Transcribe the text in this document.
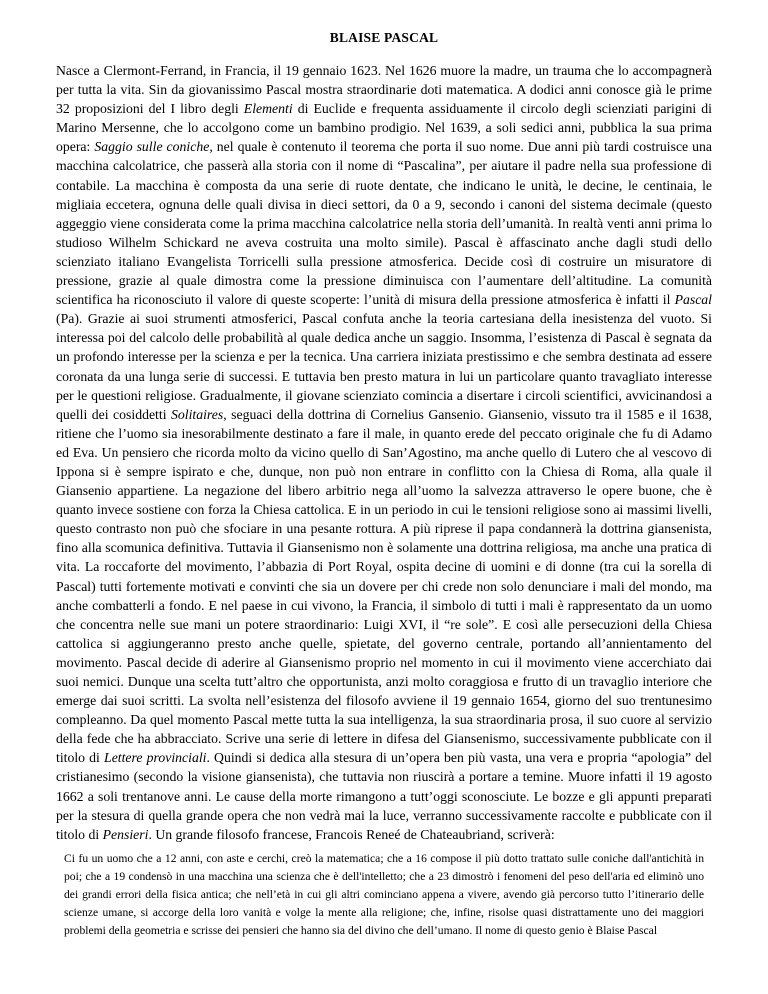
BLAISE PASCAL

Nasce a Clermont-Ferrand, in Francia, il 19 gennaio 1623. Nel 1626 muore la madre, un trauma che lo accompagnerà per tutta la vita. Sin da giovanissimo Pascal mostra straordinarie doti matematica. A dodici anni conosce già le prime 32 proposizioni del I libro degli Elementi di Euclide e frequenta assiduamente il circolo degli scienziati parigini di Marino Mersenne, che lo accolgono come un bambino prodigio. Nel 1639, a soli sedici anni, pubblica la sua prima opera: Saggio sulle coniche, nel quale è contenuto il teorema che porta il suo nome. Due anni più tardi costruisce una macchina calcolatrice, che passerà alla storia con il nome di “Pascalina”, per aiutare il padre nella sua professione di contabile. La macchina è composta da una serie di ruote dentate, che indicano le unità, le decine, le centinaia, le migliaia eccetera, ognuna delle quali divisa in dieci settori, da 0 a 9, secondo i canoni del sistema decimale (questo aggeggio viene considerata come la prima macchina calcolatrice nella storia dell’umanità. In realtà venti anni prima lo studioso Wilhelm Schickard ne aveva costruita una molto simile). Pascal è affascinato anche dagli studi dello scienziato italiano Evangelista Torricelli sulla pressione atmosferica. Decide così di costruire un misuratore di pressione, grazie al quale dimostra come la pressione diminuisca con l’aumentare dell’altitudine. La comunità scientifica ha riconosciuto il valore di queste scoperte: l’unità di misura della pressione atmosferica è infatti il Pascal (Pa). Grazie ai suoi strumenti atmosferici, Pascal confuta anche la teoria cartesiana della inesistenza del vuoto. Si interessa poi del calcolo delle probabilità al quale dedica anche un saggio. Insomma, l’esistenza di Pascal è segnata da un profondo interesse per la scienza e per la tecnica. Una carriera iniziata prestissimo e che sembra destinata ad essere coronata da una lunga serie di successi. E tuttavia ben presto matura in lui un particolare quanto travagliato interesse per le questioni religiose. Gradualmente, il giovane scienziato comincia a disertare i circoli scientifici, avvicinandosi a quelli dei cosiddetti Solitaires, seguaci della dottrina di Cornelius Gansenio. Giansenio, vissuto tra il 1585 e il 1638, ritiene che l’uomo sia inesorabilmente destinato a fare il male, in quanto erede del peccato originale che fu di Adamo ed Eva. Un pensiero che ricorda molto da vicino quello di San’Agostino, ma anche quello di Lutero che al vescovo di Ippona si è sempre ispirato e che, dunque, non può non entrare in conflitto con la Chiesa di Roma, alla quale il Giansenio appartiene. La negazione del libero arbitrio nega all’uomo la salvezza attraverso le opere buone, che è quanto invece sostiene con forza la Chiesa cattolica. E in un periodo in cui le tensioni religiose sono ai massimi livelli, questo contrasto non può che sfociare in una pesante rottura. A più riprese il papa condannerà la dottrina giansenista, fino alla scomunica definitiva. Tuttavia il Giansenismo non è solamente una dottrina religiosa, ma anche una pratica di vita. La roccaforte del movimento, l’abbazia di Port Royal, ospita decine di uomini e di donne (tra cui la sorella di Pascal) tutti fortemente motivati e convinti che sia un dovere per chi crede non solo denunciare i mali del mondo, ma anche combatterli a fondo. E nel paese in cui vivono, la Francia, il simbolo di tutti i mali è rappresentato da un uomo che concentra nelle sue mani un potere straordinario: Luigi XVI, il “re sole”. E così alle persecuzioni della Chiesa cattolica si aggiungeranno presto anche quelle, spietate, del governo centrale, portando all’annientamento del movimento. Pascal decide di aderire al Giansenismo proprio nel momento in cui il movimento viene accerchiato dai suoi nemici. Dunque una scelta tutt’altro che opportunista, anzi molto coraggiosa e frutto di un travaglio interiore che emerge dai suoi scritti. La svolta nell’esistenza del filosofo avviene il 19 gennaio 1654, giorno del suo trentunesimo compleanno. Da quel momento Pascal mette tutta la sua intelligenza, la sua straordinaria prosa, il suo cuore al servizio della fede che ha abbracciato. Scrive una serie di lettere in difesa del Giansenismo, successivamente pubblicate con il titolo di Lettere provinciali. Quindi si dedica alla stesura di un’opera ben più vasta, una vera e propria “apologia” del cristianesimo (secondo la visione giansenista), che tuttavia non riuscirà a portare a temine. Muore infatti il 19 agosto 1662 a soli trentanove anni. Le cause della morte rimangono a tutt’oggi sconosciute. Le bozze e gli appunti preparati per la stesura di quella grande opera che non vedrà mai la luce, verranno successivamente raccolte e pubblicate con il titolo di Pensieri. Un grande filosofo francese, Francois Reneé de Chateaubriand, scriverà:

Ci fu un uomo che a 12 anni, con aste e cerchi, creò la matematica; che a 16 compose il più dotto trattato sulle coniche dall'antichità in poi; che a 19 condensò in una macchina una scienza che è dell'intelletto; che a 23 dimostrò i fenomeni del peso dell'aria ed eliminò uno dei grandi errori della fisica antica; che nell’età in cui gli altri cominciano appena a vivere, avendo già percorso tutto l’itinerario delle scienze umane, si accorge della loro vanità e volge la mente alla religione; che, infine, risolse quasi distrattamente uno dei maggiori problemi della geometria e scrisse dei pensieri che hanno sia del divino che dell’umano. Il nome di questo genio è Blaise Pascal
